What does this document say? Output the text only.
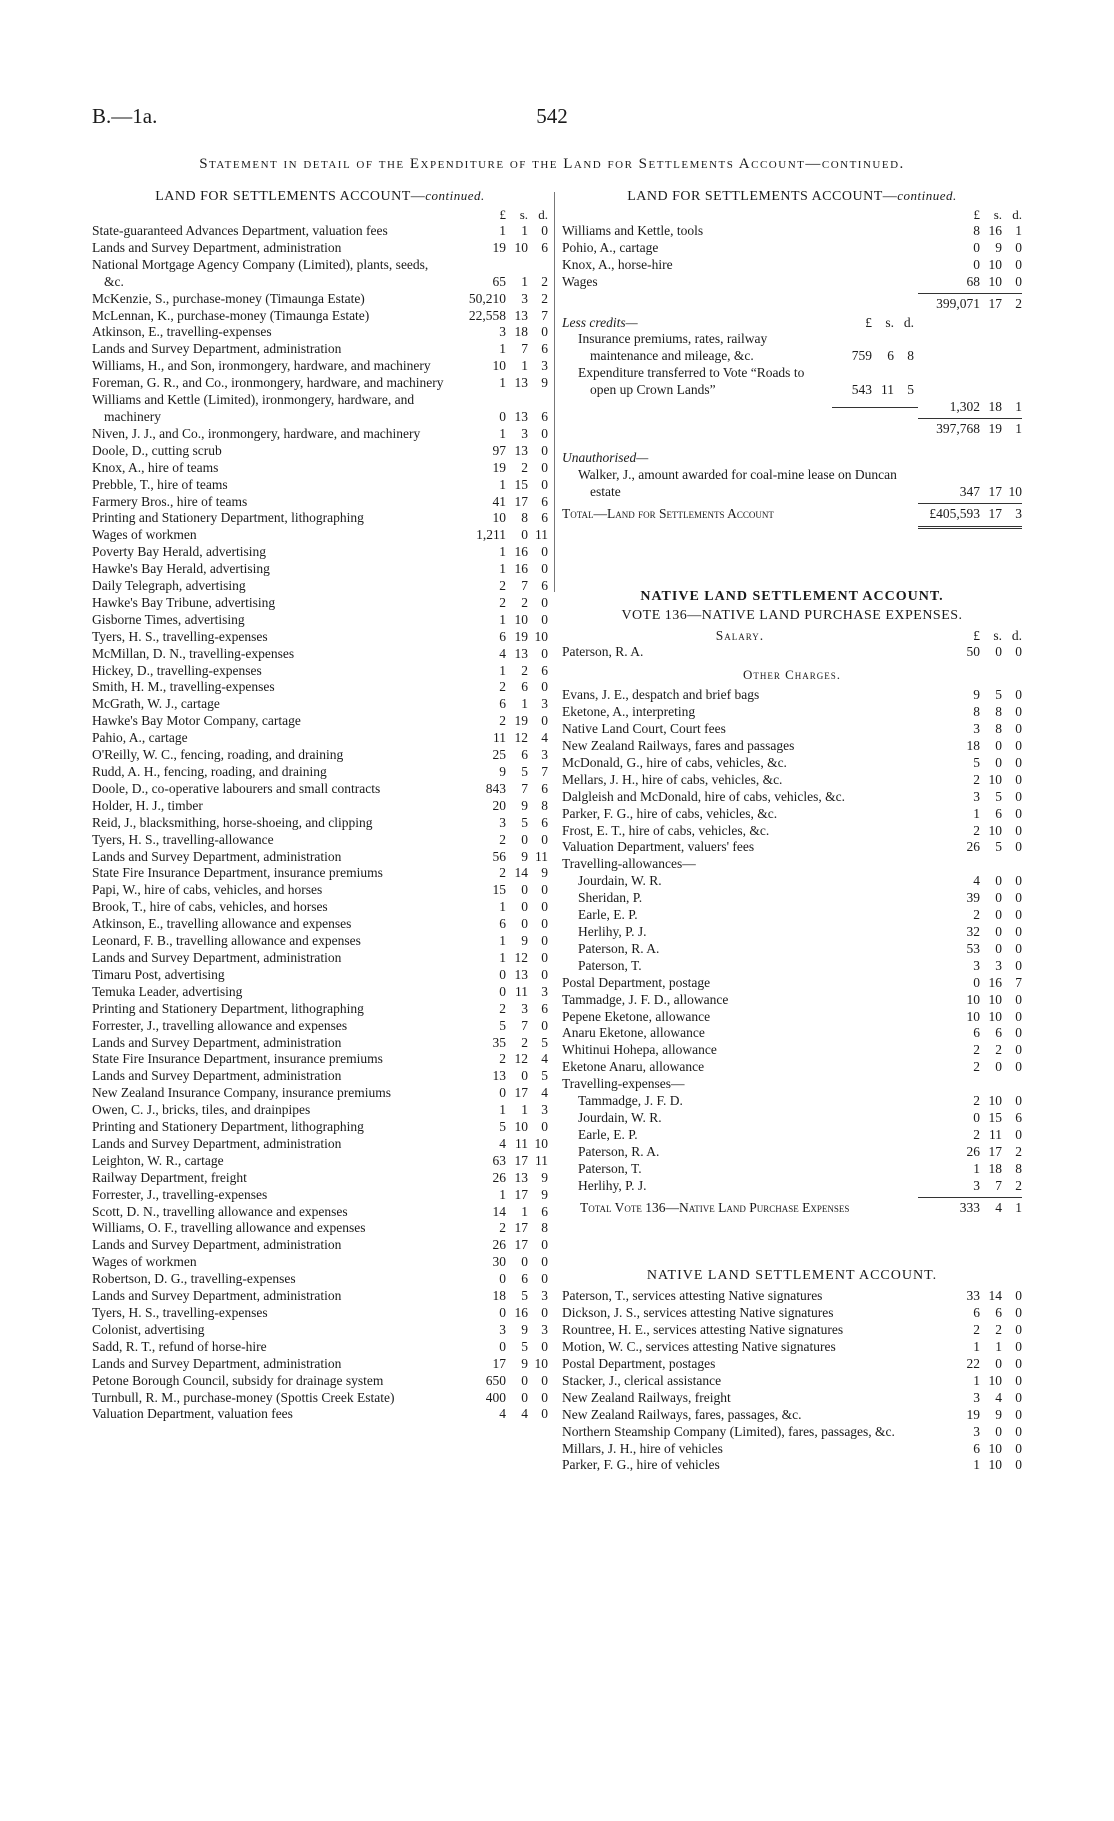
B.—1a.	542
Statement in detail of the Expenditure of the Land for Settlements Account—continued.
LAND FOR SETTLEMENTS ACCOUNT—continued.
£	s. d.
State-guaranteed Advances Department, valuation fees	1	1 0
Lands and Survey Department, administration	19 10 6
National Mortgage Agency Company (Limited), plants, seeds, &c.	65	1 2
McKenzie, S., purchase-money (Timaunga Estate)	50,210	3 2
McLennan, K., purchase-money (Timaunga Estate)	22,558 13 7
Atkinson, E., travelling-expenses	3 18 0
Lands and Survey Department, administration	1	7 6
Williams, H., and Son, ironmongery, hardware, and machinery	10	1 3
Foreman, G. R., and Co., ironmongery, hardware, and machinery	1 13 9
Williams and Kettle (Limited), ironmongery, hardware, and machinery	0 13 6
Niven, J. J., and Co., ironmongery, hardware, and machinery	1	3 0
Doole, D., cutting scrub	97 13 0
Knox, A., hire of teams	19	2 0
Prebble, T., hire of teams	1 15 0
Farmery Bros., hire of teams	41 17 6
Printing and Stationery Department, lithographing	10	8 6
Wages of workmen	1,211	0 11
Poverty Bay Herald, advertising	1 16 0
Hawke's Bay Herald, advertising	1 16 0
Daily Telegraph, advertising	2	7 6
Hawke's Bay Tribune, advertising	2	2 0
Gisborne Times, advertising	1 10 0
Tyers, H. S., travelling-expenses	6 19 10
McMillan, D. N., travelling-expenses	4 13 0
Hickey, D., travelling-expenses	1	2 6
Smith, H. M., travelling-expenses	2	6 0
McGrath, W. J., cartage	6	1 3
Hawke's Bay Motor Company, cartage	2 19 0
Pahio, A., cartage	11 12 4
O'Reilly, W. C., fencing, roading, and draining	25	6 3
Rudd, A. H., fencing, roading, and draining	9	5 7
Doole, D., co-operative labourers and small contracts	843	7 6
Holder, H. J., timber	20	9 8
Reid, J., blacksmithing, horse-shoeing, and clipping	3	5 6
Tyers, H. S., travelling-allowance	2	0 0
Lands and Survey Department, administration	56	9 11
State Fire Insurance Department, insurance premiums	2 14 9
Papi, W., hire of cabs, vehicles, and horses	15	0 0
Brook, T., hire of cabs, vehicles, and horses	1	0 0
Atkinson, E., travelling allowance and expenses	6	0 0
Leonard, F. B., travelling allowance and expenses	1	9 0
Lands and Survey Department, administration	1 12 0
Timaru Post, advertising	0 13 0
Temuka Leader, advertising	0 11 3
Printing and Stationery Department, lithographing	2	3 6
Forrester, J., travelling allowance and expenses	5	7 0
Lands and Survey Department, administration	35	2 5
State Fire Insurance Department, insurance premiums	2 12 4
Lands and Survey Department, administration	13	0 5
New Zealand Insurance Company, insurance premiums	0 17 4
Owen, C. J., bricks, tiles, and drainpipes	1	1 3
Printing and Stationery Department, lithographing	5 10 0
Lands and Survey Department, administration	4 11 10
Leighton, W. R., cartage	63 17 11
Railway Department, freight	26 13 9
Forrester, J., travelling-expenses	1 17 9
Scott, D. N., travelling allowance and expenses	14	1 6
Williams, O. F., travelling allowance and expenses	2 17 8
Lands and Survey Department, administration	26 17 0
Wages of workmen	30	0 0
Robertson, D. G., travelling-expenses	0	6 0
Lands and Survey Department, administration	18	5 3
Tyers, H. S., travelling-expenses	0 16 0
Colonist, advertising	3	9 3
Sadd, R. T., refund of horse-hire	0	5 0
Lands and Survey Department, administration	17	9 10
Petone Borough Council, subsidy for drainage system	650	0 0
Turnbull, R. M., purchase-money (Spottis Creek Estate)	400	0 0
Valuation Department, valuation fees	4	4 0
LAND FOR SETTLEMENTS ACCOUNT—continued.
£	s. d.
Williams and Kettle, tools	8 16 1
Pohio, A., cartage	0	9 0
Knox, A., horse-hire	0 10 0
Wages	68 10 0
399,071 17 2
Less credits—	£ s. d.
Insurance premiums, rates, railway maintenance and mileage, &c.	759	6 8
Expenditure transferred to Vote “Roads to open up Crown Lands”	543 11 5
1,302 18 1
397,768 19 1
Unauthorised—
Walker, J., amount awarded for coal-mine lease on Duncan estate	347 17 10
Total—Land for Settlements Account	£405,593 17 3
NATIVE LAND SETTLEMENT ACCOUNT.
VOTE 136—NATIVE LAND PURCHASE EXPENSES.
Salary.	£ s. d.
Paterson, R. A.	50	0 0
Other Charges.
Evans, J. E., despatch and brief bags	9	5 0
Eketone, A., interpreting	8	8 0
Native Land Court, Court fees	3	8 0
New Zealand Railways, fares and passages	18	0 0
McDonald, G., hire of cabs, vehicles, &c.	5	0 0
Mellars, J. H., hire of cabs, vehicles, &c.	2 10 0
Dalgleish and McDonald, hire of cabs, vehicles, &c.	3	5 0
Parker, F. G., hire of cabs, vehicles, &c.	1	6 0
Frost, E. T., hire of cabs, vehicles, &c.	2 10 0
Valuation Department, valuers' fees	26	5 0
Travelling-allowances—
Jourdain, W. R.	4	0 0
Sheridan, P.	39	0 0
Earle, E. P.	2	0 0
Herlihy, P. J.	32	0 0
Paterson, R. A.	53	0 0
Paterson, T.	3	3 0
Postal Department, postage	0 16 7
Tammadge, J. F. D., allowance	10 10 0
Pepene Eketone, allowance	10 10 0
Anaru Eketone, allowance	6	6 0
Whitinui Hohepa, allowance	2	2 0
Eketone Anaru, allowance	2	0 0
Travelling-expenses—
Tammadge, J. F. D.	2 10 0
Jourdain, W. R.	0 15 6
Earle, E. P.	2 11 0
Paterson, R. A.	26 17 2
Paterson, T.	1 18 8
Herlihy, P. J.	3	7 2
Total Vote 136—Native Land Purchase Expenses	333	4 1
NATIVE LAND SETTLEMENT ACCOUNT.
Paterson, T., services attesting Native signatures	33 14 0
Dickson, J. S., services attesting Native signatures	6	6 0
Rountree, H. E., services attesting Native signatures	2	2 0
Motion, W. C., services attesting Native signatures	1	1 0
Postal Department, postages	22	0 0
Stacker, J., clerical assistance	1 10 0
New Zealand Railways, freight	3	4 0
New Zealand Railways, fares, passages, &c.	19	9 0
Northern Steamship Company (Limited), fares, passages, &c.	3	0 0
Millars, J. H., hire of vehicles	6 10 0
Parker, F. G., hire of vehicles	1 10 0
